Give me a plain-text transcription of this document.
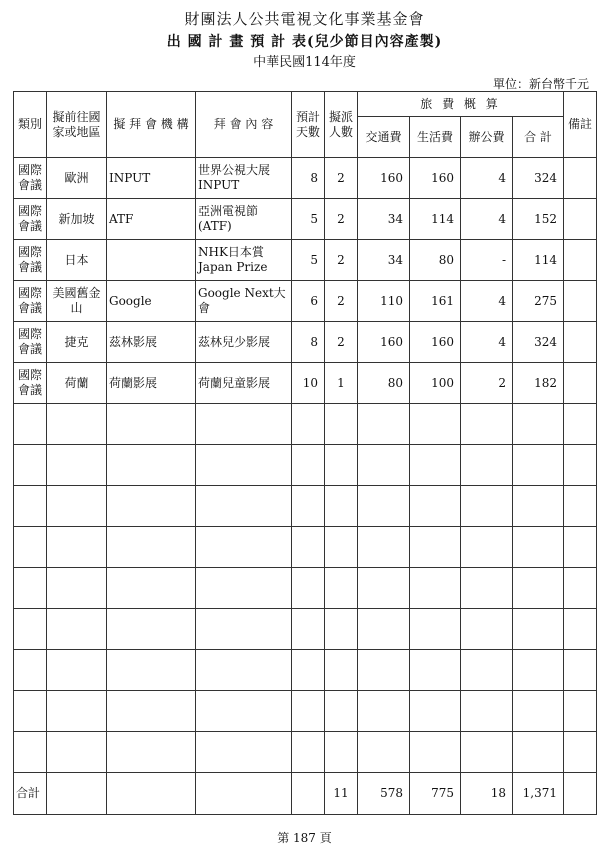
財團法人公共電視文化事業基金會
出 國 計 畫 預 計 表(兒少節目內容產製)
中華民國114年度
單位：新台幣千元
類別	擬前往國家或地區	擬 拜 會 機 構	拜 會 內 容	預計天數	擬派人數	旅 費 概 算				備註
						交通費	生活費	辦公費	合 計	
國際會議	歐洲	INPUT	世界公視大展INPUT	8	2	160	160	4	324	
國際會議	新加坡	ATF	亞洲電視節(ATF)	5	2	34	114	4	152	
國際會議	日本		NHK日本賞Japan Prize	5	2	34	80	-	114	
國際會議	美國舊金山	Google	Google Next大會	6	2	110	161	4	275	
國際會議	捷克	茲林影展	茲林兒少影展	8	2	160	160	4	324	
國際會議	荷蘭	荷蘭影展	荷蘭兒童影展	10	1	80	100	2	182	

合計					11	578	775	18	1,371	
第 187 頁
